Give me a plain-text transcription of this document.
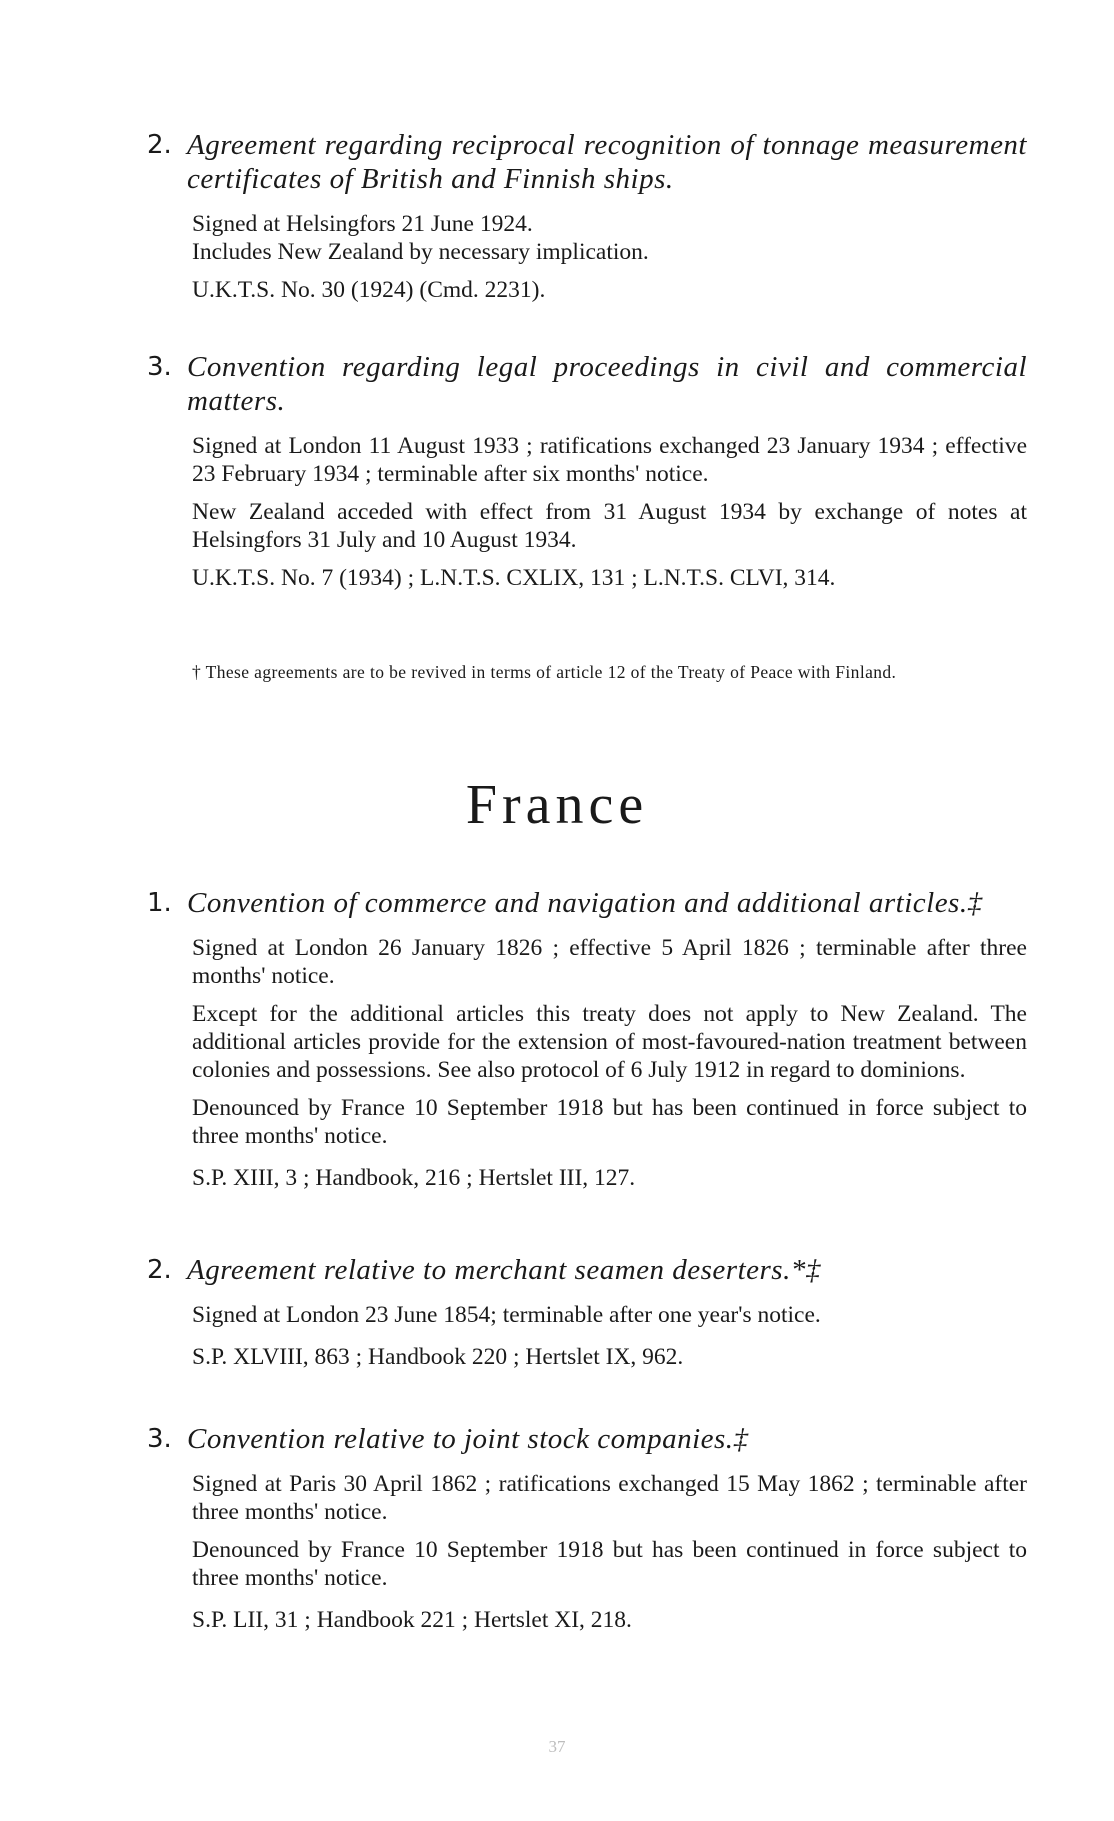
2. Agreement regarding reciprocal recognition of tonnage measurement certificates of British and Finnish ships.

Signed at Helsingfors 21 June 1924.

Includes New Zealand by necessary implication.

U.K.T.S. No. 30 (1924) (Cmd. 2231).

3. Convention regarding legal proceedings in civil and commercial matters.

Signed at London 11 August 1933 ; ratifications exchanged 23 January 1934 ; effective 23 February 1934 ; terminable after six months' notice.

New Zealand acceded with effect from 31 August 1934 by exchange of notes at Helsingfors 31 July and 10 August 1934.

U.K.T.S. No. 7 (1934) ; L.N.T.S. CXLIX, 131 ; L.N.T.S. CLVI, 314.

† These agreements are to be revived in terms of article 12 of the Treaty of Peace with Finland.

France

1. Convention of commerce and navigation and additional articles.‡

Signed at London 26 January 1826 ; effective 5 April 1826 ; terminable after three months' notice.

Except for the additional articles this treaty does not apply to New Zealand. The additional articles provide for the extension of most-favoured-nation treatment between colonies and possessions. See also protocol of 6 July 1912 in regard to dominions.

Denounced by France 10 September 1918 but has been continued in force subject to three months' notice.

S.P. XIII, 3 ; Handbook, 216 ; Hertslet III, 127.

2. Agreement relative to merchant seamen deserters.*‡

Signed at London 23 June 1854; terminable after one year's notice.

S.P. XLVIII, 863 ; Handbook 220 ; Hertslet IX, 962.

3. Convention relative to joint stock companies.‡

Signed at Paris 30 April 1862 ; ratifications exchanged 15 May 1862 ; terminable after three months' notice.

Denounced by France 10 September 1918 but has been continued in force subject to three months' notice.

S.P. LII, 31 ; Handbook 221 ; Hertslet XI, 218.

37
